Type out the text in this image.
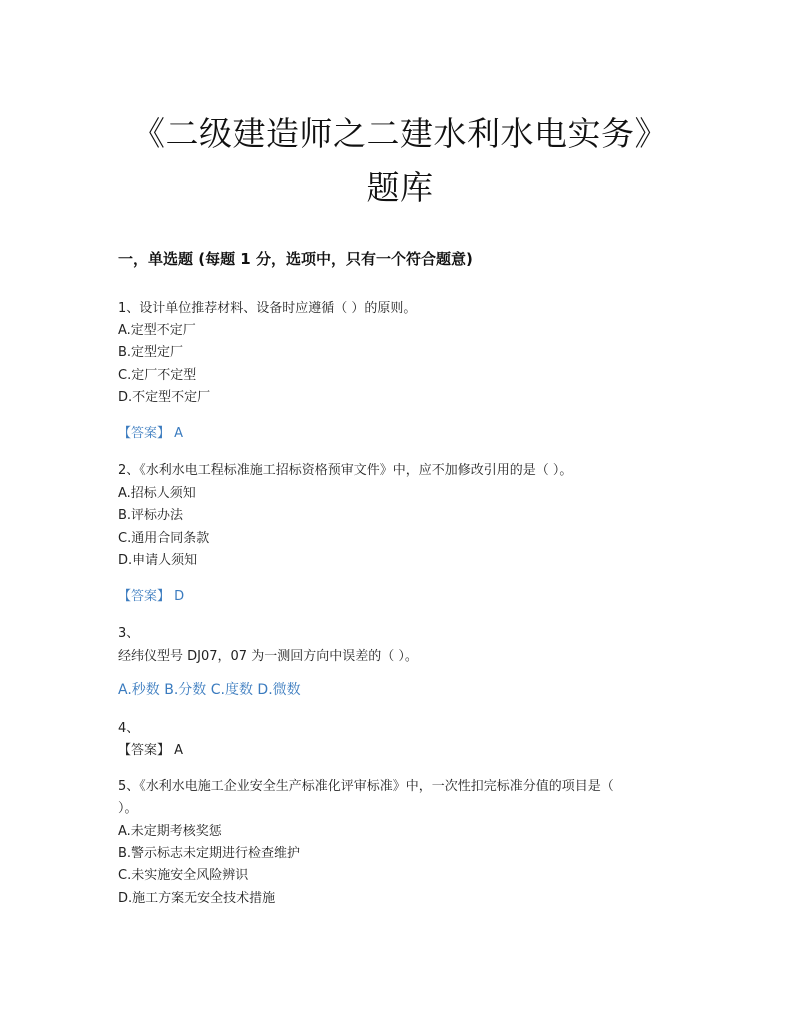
《二级建造师之二建水利水电实务》
题库
一，单选题 (每题 1 分，选项中，只有一个符合题意)
1、设计单位推荐材料、设备时应遵循（ ）的原则。
A.定型不定厂
B.定型定厂
C.定厂不定型
D.不定型不定厂
【答案】 A
2、《水利水电工程标准施工招标资格预审文件》中，应不加修改引用的是（ ）。
A.招标人须知
B.评标办法
C.通用合同条款
D.申请人须知
【答案】 D
3、
经纬仪型号 DJ07，07 为一测回方向中误差的（ ）。
A.秒数 B.分数 C.度数 D.微数
4、
【答案】 A
5、《水利水电施工企业安全生产标准化评审标准》中，一次性扣完标准分值的项目是（
）。
A.未定期考核奖惩
B.警示标志未定期进行检查维护
C.未实施安全风险辨识
D.施工方案无安全技术措施
